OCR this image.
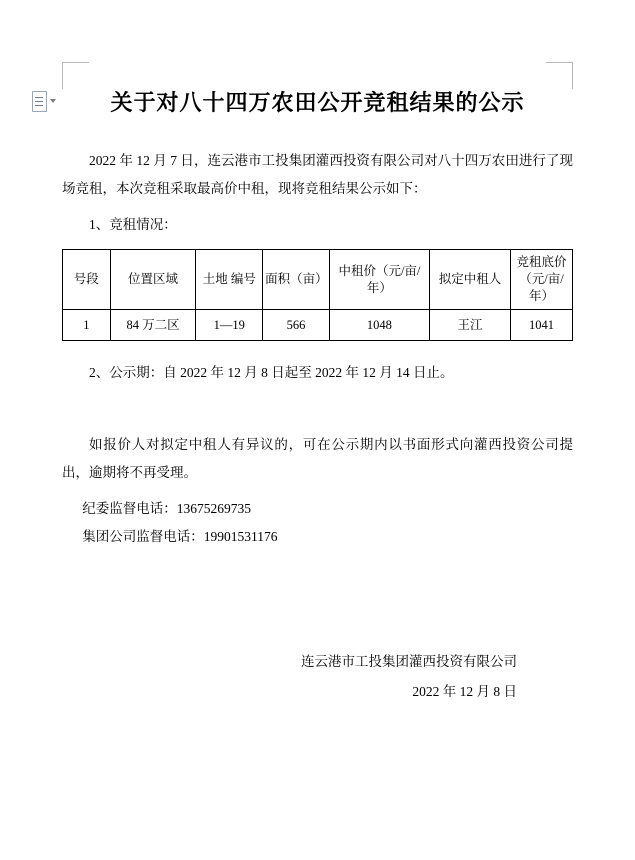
关于对八十四万农田公开竞租结果的公示

2022 年 12 月 7 日，连云港市工投集团灌西投资有限公司对八十四万农田进行了现场竞租，本次竞租采取最高价中租，现将竞租结果公示如下：

1、竞租情况：

号段	位置区域	土地 编号	面积（亩）	中租价（元/亩/年）	拟定中租人	竞租底价（元/亩/年）
1	84 万二区	1—19	566	1048	王江	1041

2、公示期：自 2022 年 12 月 8 日起至 2022 年 12 月 14 日止。

如报价人对拟定中租人有异议的，可在公示期内以书面形式向灌西投资公司提出，逾期将不再受理。

纪委监督电话：13675269735

集团公司监督电话：19901531176

连云港市工投集团灌西投资有限公司
2022 年 12 月 8 日
